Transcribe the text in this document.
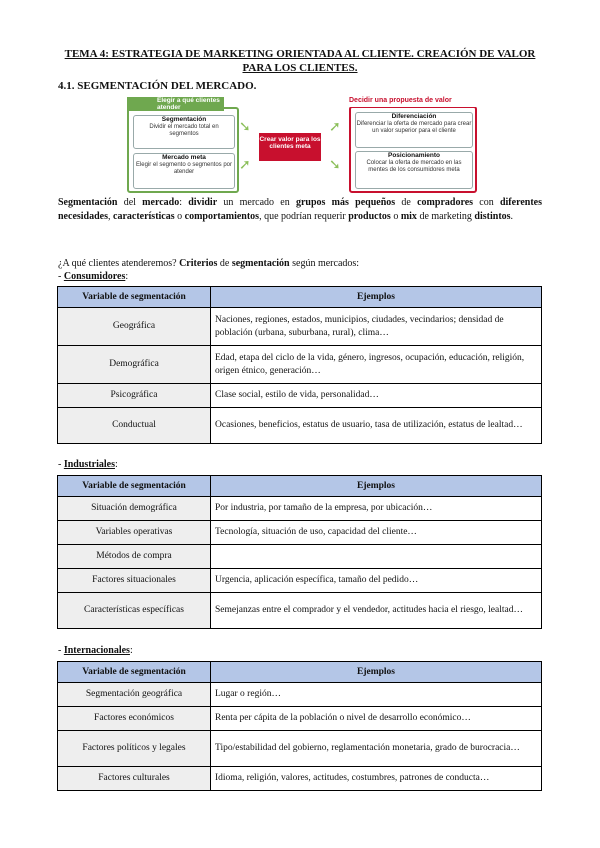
TEMA 4: ESTRATEGIA DE MARKETING ORIENTADA AL CLIENTE. CREACIÓN DE VALOR PARA LOS CLIENTES.
4.1. SEGMENTACIÓN DEL MERCADO.
Elegir a qué clientes atender
Segmentación
Dividir el mercado total en segmentos
Mercado meta
Elegir el segmento o segmentos por atender
➘
➚
Crear valor para los clientes meta
➚
➘
Decidir una propuesta de valor
Diferenciación
Diferenciar la oferta de mercado para crear un valor superior para el cliente
Posicionamiento
Colocar la oferta de mercado en las mentes de los consumidores meta
Segmentación del mercado: dividir un mercado en grupos más pequeños de compradores con diferentes necesidades, características o comportamientos, que podrían requerir productos o mix de marketing distintos.
¿A qué clientes atenderemos? Criterios de segmentación según mercados:
- Consumidores:
Variable de segmentación	Ejemplos
Geográfica	Naciones, regiones, estados, municipios, ciudades, vecindarios; densidad de población (urbana, suburbana, rural), clima…
Demográfica	Edad, etapa del ciclo de la vida, género, ingresos, ocupación, educación, religión, origen étnico, generación…
Psicográfica	Clase social, estilo de vida, personalidad…
Conductual	Ocasiones, beneficios, estatus de usuario, tasa de utilización, estatus de lealtad…
- Industriales:
Variable de segmentación	Ejemplos
Situación demográfica	Por industria, por tamaño de la empresa, por ubicación…
Variables operativas	Tecnología, situación de uso, capacidad del cliente…
Métodos de compra	
Factores situacionales	Urgencia, aplicación específica, tamaño del pedido…
Características específicas	Semejanzas entre el comprador y el vendedor, actitudes hacia el riesgo, lealtad…
- Internacionales:
Variable de segmentación	Ejemplos
Segmentación geográfica	Lugar o región…
Factores económicos	Renta per cápita de la población o nivel de desarrollo económico…
Factores políticos y legales	Tipo/estabilidad del gobierno, reglamentación monetaria, grado de burocracia…
Factores culturales	Idioma, religión, valores, actitudes, costumbres, patrones de conducta…
